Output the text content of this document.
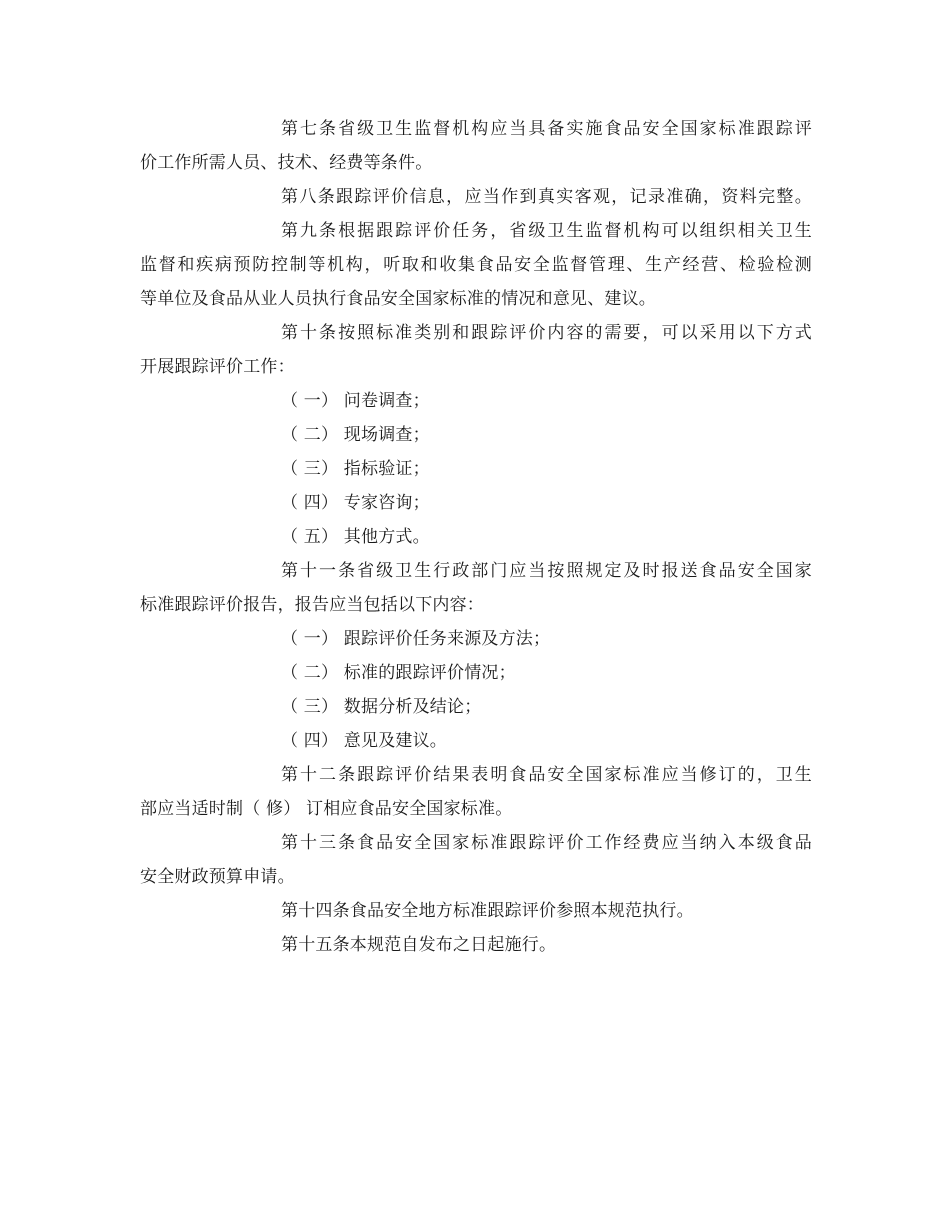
第七条省级卫生监督机构应当具备实施食品安全国家标准跟踪评
价工作所需人员、技术、经费等条件。
第八条跟踪评价信息，应当作到真实客观，记录准确，资料完整。
第九条根据跟踪评价任务，省级卫生监督机构可以组织相关卫生
监督和疾病预防控制等机构，听取和收集食品安全监督管理、生产经营、检验检测
等单位及食品从业人员执行食品安全国家标准的情况和意见、建议。
第十条按照标准类别和跟踪评价内容的需要，可以采用以下方式
开展跟踪评价工作：
（ 一） 问卷调查；
（ 二） 现场调查；
（ 三） 指标验证；
（ 四） 专家咨询；
（ 五） 其他方式。
第十一条省级卫生行政部门应当按照规定及时报送食品安全国家
标准跟踪评价报告，报告应当包括以下内容：
（ 一） 跟踪评价任务来源及方法；
（ 二） 标准的跟踪评价情况；
（ 三） 数据分析及结论；
（ 四） 意见及建议。
第十二条跟踪评价结果表明食品安全国家标准应当修订的，卫生
部应当适时制（ 修） 订相应食品安全国家标准。
第十三条食品安全国家标准跟踪评价工作经费应当纳入本级食品
安全财政预算申请。
第十四条食品安全地方标准跟踪评价参照本规范执行。
第十五条本规范自发布之日起施行。
